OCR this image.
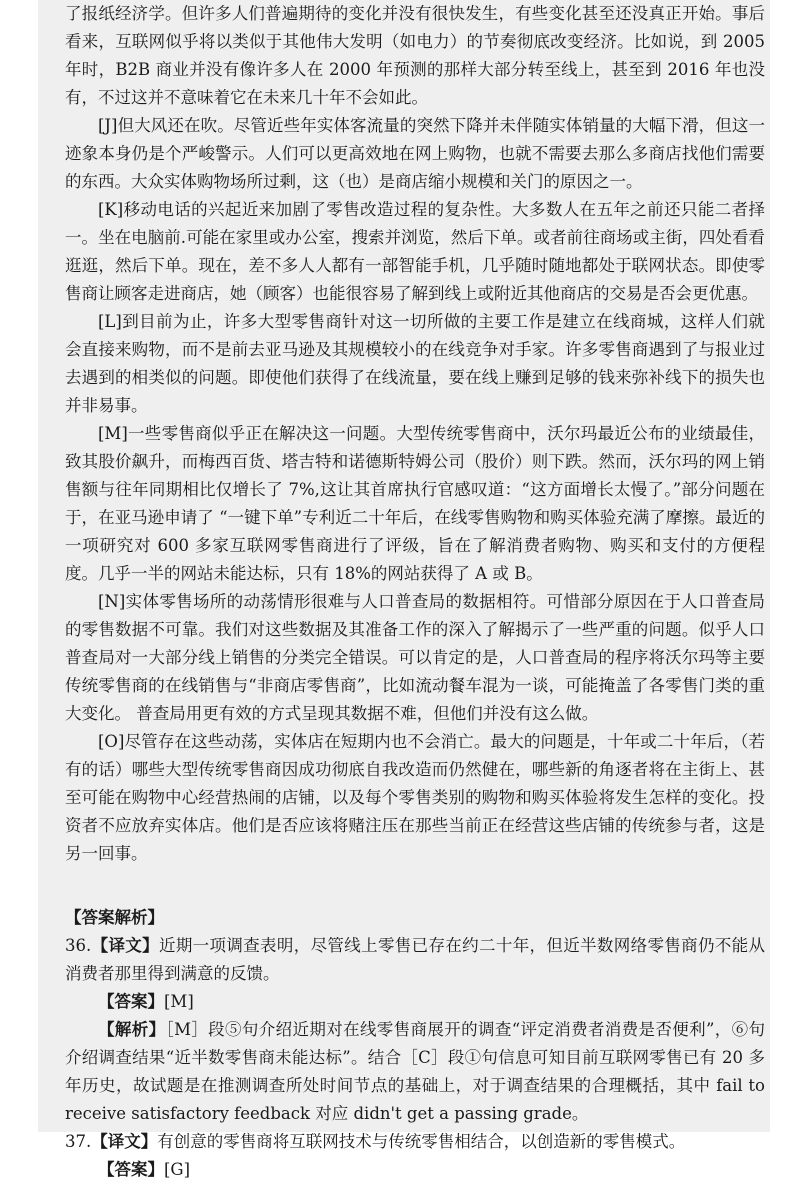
了报纸经济学。但许多人们普遍期待的变化并没有很快发生，有些变化甚至还没真正开始。事后看来，互联网似乎将以类似于其他伟大发明（如电力）的节奏彻底改变经济。比如说，到 2005 年时，B2B 商业并没有像许多人在 2000 年预测的那样大部分转至线上，甚至到 2016 年也没有，不过这并不意味着它在未来几十年不会如此。

[J]但大风还在吹。尽管近些年实体客流量的突然下降并未伴随实体销量的大幅下滑，但这一迹象本身仍是个严峻警示。人们可以更高效地在网上购物，也就不需要去那么多商店找他们需要的东西。大众实体购物场所过剩，这（也）是商店缩小规模和关门的原因之一。

[K]移动电话的兴起近来加剧了零售改造过程的复杂性。大多数人在五年之前还只能二者择一。坐在电脑前.可能在家里或办公室，搜索并浏览，然后下单。或者前往商场或主街，四处看看逛逛，然后下单。现在，差不多人人都有一部智能手机，几乎随时随地都处于联网状态。即使零售商让顾客走进商店，她（顾客）也能很容易了解到线上或附近其他商店的交易是否会更优惠。

[L]到目前为止，许多大型零售商针对这一切所做的主要工作是建立在线商城，这样人们就会直接来购物，而不是前去亚马逊及其规模较小的在线竞争对手家。许多零售商遇到了与报业过去遇到的相类似的问题。即使他们获得了在线流量，要在线上赚到足够的钱来弥补线下的损失也并非易事。

[M]一些零售商似乎正在解决这一问题。大型传统零售商中，沃尔玛最近公布的业绩最佳，致其股价飙升，而梅西百货、塔吉特和诺德斯特姆公司（股价）则下跌。然而，沃尔玛的网上销售额与往年同期相比仅增长了 7%,这让其首席执行官感叹道：“这方面增长太慢了。”部分问题在于，在亚马逊申请了 “一键下单”专利近二十年后，在线零售购物和购买体验充满了摩擦。最近的一项研究对 600 多家互联网零售商进行了评级，旨在了解消费者购物、购买和支付的方便程度。几乎一半的网站未能达标，只有 18%的网站获得了 A 或 B。

[N]实体零售场所的动荡情形很难与人口普查局的数据相符。可惜部分原因在于人口普查局的零售数据不可靠。我们对这些数据及其准备工作的深入了解揭示了一些严重的问题。似乎人口普查局对一大部分线上销售的分类完全错误。可以肯定的是，人口普查局的程序将沃尔玛等主要传统零售商的在线销售与“非商店零售商”，比如流动餐车混为一谈，可能掩盖了各零售门类的重大变化。 普查局用更有效的方式呈现其数据不难，但他们并没有这么做。

[O]尽管存在这些动荡，实体店在短期内也不会消亡。最大的问题是，十年或二十年后，（若有的话）哪些大型传统零售商因成功彻底自我改造而仍然健在，哪些新的角逐者将在主街上、甚至可能在购物中心经营热闹的店铺，以及每个零售类别的购物和购买体验将发生怎样的变化。投资者不应放弃实体店。他们是否应该将赌注压在那些当前正在经营这些店铺的传统参与者，这是另一回事。

【答案解析】

36.【译文】近期一项调查表明，尽管线上零售已存在约二十年，但近半数网络零售商仍不能从消费者那里得到满意的反馈。

【答案】[M]

【解析】［M］段⑤句介绍近期对在线零售商展开的调查“评定消费者消费是否便利”，⑥句介绍调查结果“近半数零售商未能达标”。结合［C］段①句信息可知目前互联网零售已有 20 多年历史，故试题是在推测调查所处时间节点的基础上，对于调查结果的合理概括，其中 fail to receive satisfactory feedback 对应 didn't get a passing grade。

37.【译文】有创意的零售商将互联网技术与传统零售相结合，以创造新的零售模式。

【答案】[G]
